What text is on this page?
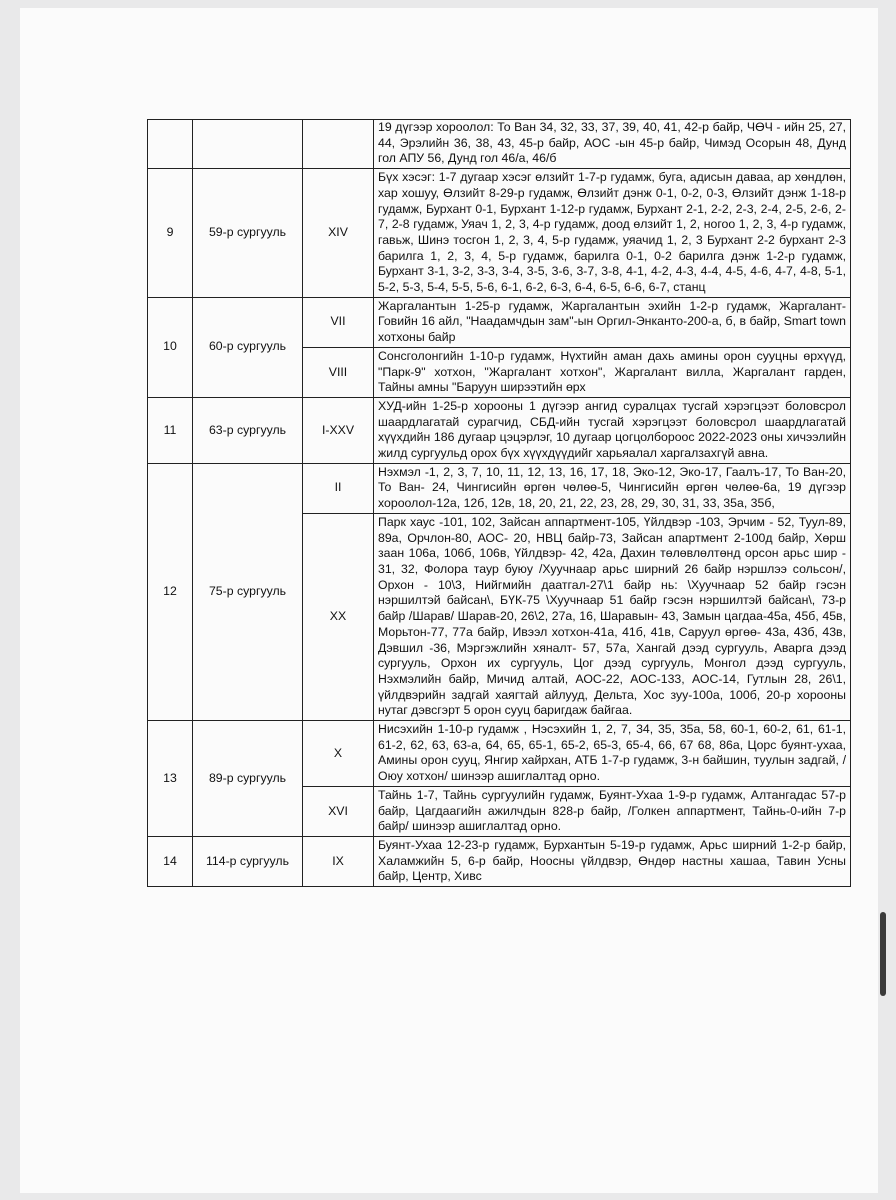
			19 дүгээр хороолол: То Ван 34, 32, 33, 37, 39, 40, 41, 42-р байр, ЧӨЧ - ийн 25, 27, 44, Эрэлийн 36, 38, 43, 45-р байр, АОС -ын 45-р байр, Чимэд Осорын 48, Дунд гол АПУ 56, Дунд гол 46/а, 46/б
9	59-р сургууль	XIV	Бүх хэсэг: 1-7 дугаар хэсэг өлзийт 1-7-р гудамж, буга, адисын даваа, ар хөндлөн, хар хошуу, Өлзийт 8-29-р гудамж, Өлзийт дэнж 0-1, 0-2, 0-3, Өлзийт дэнж 1-18-р гудамж, Бурхант 0-1, Бурхант 1-12-р гудамж, Бурхант 2-1, 2-2, 2-3, 2-4, 2-5, 2-6, 2-7, 2-8 гудамж, Уяач 1, 2, 3, 4-р гудамж, доод өлзийт 1, 2, ногоо 1, 2, 3, 4-р гудамж, гавьж, Шинэ тосгон 1, 2, 3, 4, 5-р гудамж, уяачид 1, 2, 3 Бурхант 2-2 бурхант 2-3 барилга 1, 2, 3, 4, 5-р гудамж, барилга 0-1, 0-2 барилга дэнж 1-2-р гудамж, Бурхант 3-1, 3-2, 3-3, 3-4, 3-5, 3-6, 3-7, 3-8, 4-1, 4-2, 4-3, 4-4, 4-5, 4-6, 4-7, 4-8, 5-1, 5-2, 5-3, 5-4, 5-5, 5-6, 6-1, 6-2, 6-3, 6-4, 6-5, 6-6, 6-7, станц
10	60-р сургууль	VII	Жаргалантын 1-25-р гудамж, Жаргалантын эхийн 1-2-р гудамж, Жаргалант-Говийн 16 айл, "Наадамчдын зам"-ын Оргил-Энканто-200-а, б, в байр, Smart town хотхоны байр
		VIII	Сонсголонгийн 1-10-р гудамж, Нүхтийн аман дахь амины орон сууцны өрхүүд, "Парк-9" хотхон, "Жаргалант хотхон", Жаргалант вилла, Жаргалант гарден, Тайны амны "Баруун ширээтийн өрх
11	63-р сургууль	I-XXV	ХУД-ийн 1-25-р хорооны 1 дүгээр ангид суралцах тусгай хэрэгцээт боловсрол шаардлагатай сурагчид, СБД-ийн тусгай хэрэгцээт боловсрол шаардлагатай хүүхдийн 186 дугаар цэцэрлэг, 10 дугаар цогцолбороос 2022-2023 оны хичээлийн жилд сургуульд орох бүх хүүхдүүдийг харьяалал харгалзахгүй авна.
12	75-р сургууль	II	Нэхмэл -1, 2, 3, 7, 10, 11, 12, 13, 16, 17, 18, Эко-12, Эко-17, Гаалъ-17, То Ван-20, То Ван- 24, Чингисийн өргөн чөлөө-5, Чингисийн өргөн чөлөө-6а, 19 дүгээр хороолол-12а, 12б, 12в, 18, 20, 21, 22, 23, 28, 29, 30, 31, 33, 35а, 35б,
		XX	Парк хаус -101, 102, Зайсан аппартмент-105, Үйлдвэр -103, Эрчим - 52, Туул-89, 89а, Орчлон-80, АОС- 20, НВЦ байр-73, Зайсан апартмент 2-100д байр, Хөрш заан 106а, 106б, 106в, Үйлдвэр- 42, 42а, Дахин төлөвлөлтөнд орсон арьс шир - 31, 32, Фолора таур буюу /Хуучнаар арьс ширний 26 байр нэршлээ сольсон/, Орхон - 10\3, Нийгмийн даатгал-27\1 байр нь: \Хуучнаар 52 байр гэсэн нэршилтэй байсан\, БҮК-75 \Хуучнаар 51 байр гэсэн нэршилтэй байсан\, 73-р байр /Шарав/ Шарав-20, 26\2, 27а, 16, Шаравын- 43, Замын цагдаа-45а, 45б, 45в, Морьтон-77, 77а байр, Ивээл хотхон-41а, 41б, 41в, Саруул өргөө- 43а, 43б, 43в, Дэвшил -36, Мэргэжлийн хяналт- 57, 57а, Хангай дээд сургууль, Аварга дээд сургууль, Орхон их сургууль, Цог дээд сургууль, Монгол дээд сургууль, Нэхмэлийн байр, Мичид алтай, АОС-22, АОС-133, АОС-14, Гутлын 28, 26\1, үйлдвэрийн задгай хаягтай айлууд, Дельта, Хос зуу-100а, 100б, 20-р хорооны нутаг дэвсгэрт 5 орон сууц баригдаж байгаа.
13	89-р сургууль	X	Нисэхийн 1-10-р гудамж , Нэсэхийн 1, 2, 7, 34, 35, 35а, 58, 60-1, 60-2, 61, 61-1, 61-2, 62, 63, 63-а, 64, 65, 65-1, 65-2, 65-3, 65-4, 66, 67 68, 86а, Цорс буянт-ухаа, Амины орон сууц, Янгир хайрхан, АТБ 1-7-р гудамж, 3-н байшин, туулын задгай, /Оюу хотхон/ шинээр ашиглалтад орно.
		XVI	Тайнь 1-7, Тайнь сургуулийн гудамж, Буянт-Ухаа 1-9-р гудамж, Алтангадас 57-р байр, Цагдаагийн ажилчдын 828-р байр, /Голкен аппартмент, Тайнь-0-ийн 7-р байр/ шинээр ашиглалтад орно.
14	114-р сургууль	IX	Буянт-Ухаа 12-23-р гудамж, Бурхантын 5-19-р гудамж, Арьс ширний 1-2-р байр, Халамжийн 5, 6-р байр, Ноосны үйлдвэр, Өндөр настны хашаа, Тавин Усны байр, Центр, Хивс
